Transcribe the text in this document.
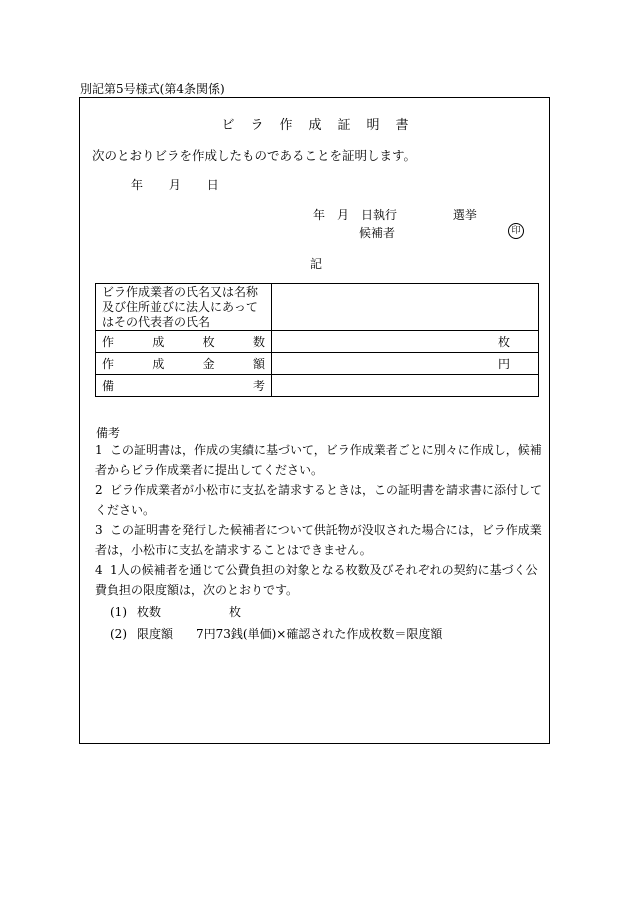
別記第5号様式(第4条関係)
ビラ作成証明書
次のとおりビラを作成したものであることを証明します。
年 月 日
年　月　日執行	選挙
候補者	印
記
ビラ作成業者の氏名又は名称及び住所並びに法人にあってはその代表者の氏名	

作 成 枚 数	枚

作 成 金 額	円

備 考	

備考
1 この証明書は，作成の実績に基づいて，ビラ作成業者ごとに別々に作成し，候補者からビラ作成業者に提出してください。
2 ビラ作成業者が小松市に支払を請求するときは，この証明書を請求書に添付してください。
3 この証明書を発行した候補者について供託物が没収された場合には，ビラ作成業者は，小松市に支払を請求することはできません。
4 1人の候補者を通じて公費負担の対象となる枚数及びそれぞれの契約に基づく公費負担の限度額は，次のとおりです。
(1) 枚数	枚
(2) 限度額 7円73銭(単価)×確認された作成枚数＝限度額
